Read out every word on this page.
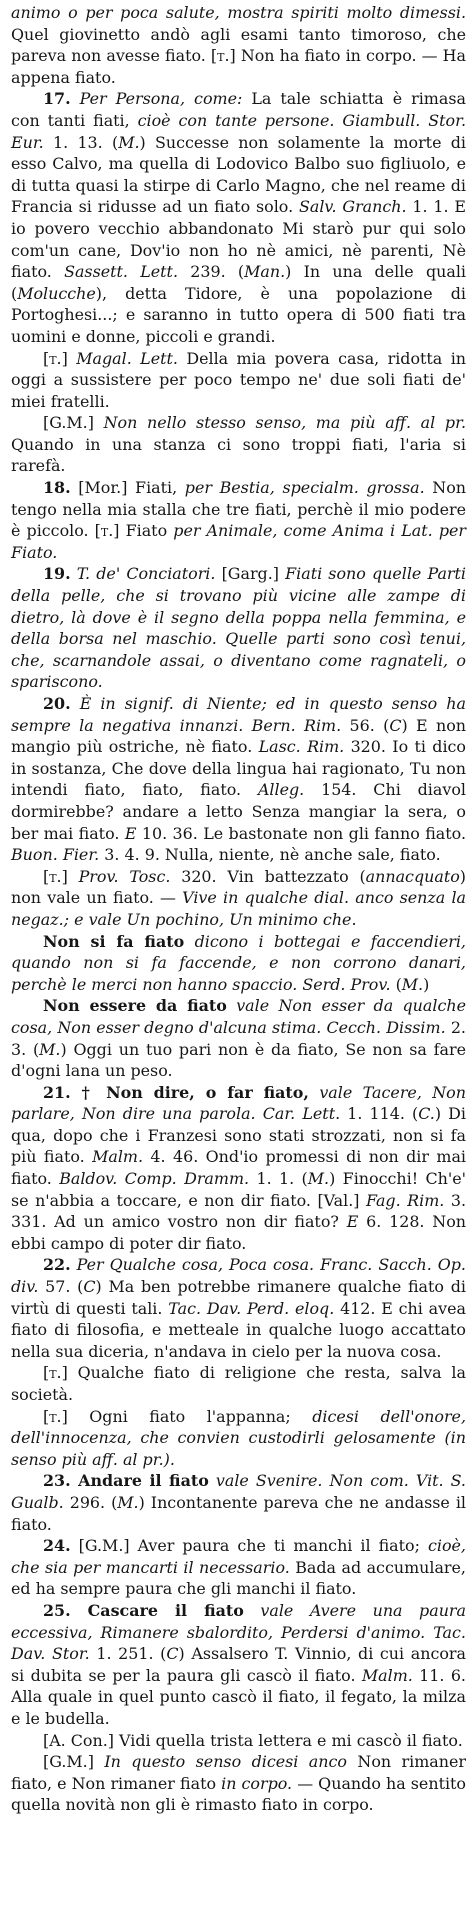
animo o per poca salute, mostra spiriti molto dimessi. Quel giovinetto andò agli esami tanto timoroso, che pareva non avesse fiato. [t.] Non ha fiato in corpo. — Ha appena fiato.

17. Per Persona, come: La tale schiatta è rimasa con tanti fiati, cioè con tante persone. Giambull. Stor. Eur. 1. 13. (M.) Successe non solamente la morte di esso Calvo, ma quella di Lodovico Balbo suo figliuolo, e di tutta quasi la stirpe di Carlo Magno, che nel reame di Francia si ridusse ad un fiato solo. Salv. Granch. 1. 1. E io povero vecchio abbandonato Mi starò pur qui solo com'un cane, Dov'io non ho nè amici, nè parenti, Nè fiato. Sassett. Lett. 239. (Man.) In una delle quali (Molucche), detta Tidore, è una popolazione di Portoghesi...; e saranno in tutto opera di 500 fiati tra uomini e donne, piccoli e grandi.

[t.] Magal. Lett. Della mia povera casa, ridotta in oggi a sussistere per poco tempo ne' due soli fiati de' miei fratelli.

[G.M.] Non nello stesso senso, ma più aff. al pr. Quando in una stanza ci sono troppi fiati, l'aria si rarefà.

18. [Mor.] Fiati, per Bestia, specialm. grossa. Non tengo nella mia stalla che tre fiati, perchè il mio podere è piccolo. [t.] Fiato per Animale, come Anima i Lat. per Fiato.

19. T. de' Conciatori. [Garg.] Fiati sono quelle Parti della pelle, che si trovano più vicine alle zampe di dietro, là dove è il segno della poppa nella femmina, e della borsa nel maschio. Quelle parti sono così tenui, che, scarnandole assai, o diventano come ragnateli, o spariscono.

20. È in signif. di Niente; ed in questo senso ha sempre la negativa innanzi. Bern. Rim. 56. (C) E non mangio più ostriche, nè fiato. Lasc. Rim. 320. Io ti dico in sostanza, Che dove della lingua hai ragionato, Tu non intendi fiato, fiato, fiato. Alleg. 154. Chi diavol dormirebbe? andare a letto Senza mangiar la sera, o ber mai fiato. E 10. 36. Le bastonate non gli fanno fiato. Buon. Fier. 3. 4. 9. Nulla, niente, nè anche sale, fiato.

[t.] Prov. Tosc. 320. Vin battezzato (annacquato) non vale un fiato. — Vive in qualche dial. anco senza la negaz.; e vale Un pochino, Un minimo che.

Non si fa fiato dicono i bottegai e faccendieri, quando non si fa faccende, e non corrono danari, perchè le merci non hanno spaccio. Serd. Prov. (M.)

Non essere da fiato vale Non esser da qualche cosa, Non esser degno d'alcuna stima. Cecch. Dissim. 2. 3. (M.) Oggi un tuo pari non è da fiato, Se non sa fare d'ogni lana un peso.

21. † Non dire, o far fiato, vale Tacere, Non parlare, Non dire una parola. Car. Lett. 1. 114. (C.) Di qua, dopo che i Franzesi sono stati strozzati, non si fa più fiato. Malm. 4. 46. Ond'io promessi di non dir mai fiato. Baldov. Comp. Dramm. 1. 1. (M.) Finocchi! Ch'e' se n'abbia a toccare, e non dir fiato. [Val.] Fag. Rim. 3. 331. Ad un amico vostro non dir fiato? E 6. 128. Non ebbi campo di poter dir fiato.

22. Per Qualche cosa, Poca cosa. Franc. Sacch. Op. div. 57. (C) Ma ben potrebbe rimanere qualche fiato di virtù di questi tali. Tac. Dav. Perd. eloq. 412. E chi avea fiato di filosofia, e metteale in qualche luogo accattato nella sua diceria, n'andava in cielo per la nuova cosa.

[t.] Qualche fiato di religione che resta, salva la società.

[t.] Ogni fiato l'appanna; dicesi dell'onore, dell'innocenza, che convien custodirli gelosamente (in senso più aff. al pr.).

23. Andare il fiato vale Svenire. Non com. Vit. S. Gualb. 296. (M.) Incontanente pareva che ne andasse il fiato.

24. [G.M.] Aver paura che ti manchi il fiato; cioè, che sia per mancarti il necessario. Bada ad accumulare, ed ha sempre paura che gli manchi il fiato.

25. Cascare il fiato vale Avere una paura eccessiva, Rimanere sbalordito, Perdersi d'animo. Tac. Dav. Stor. 1. 251. (C) Assalsero T. Vinnio, di cui ancora si dubita se per la paura gli cascò il fiato. Malm. 11. 6. Alla quale in quel punto cascò il fiato, il fegato, la milza e le budella.

[A. Con.] Vidi quella trista lettera e mi cascò il fiato.

[G.M.] In questo senso dicesi anco Non rimaner fiato, e Non rimaner fiato in corpo. — Quando ha sentito quella novità non gli è rimasto fiato in corpo.
